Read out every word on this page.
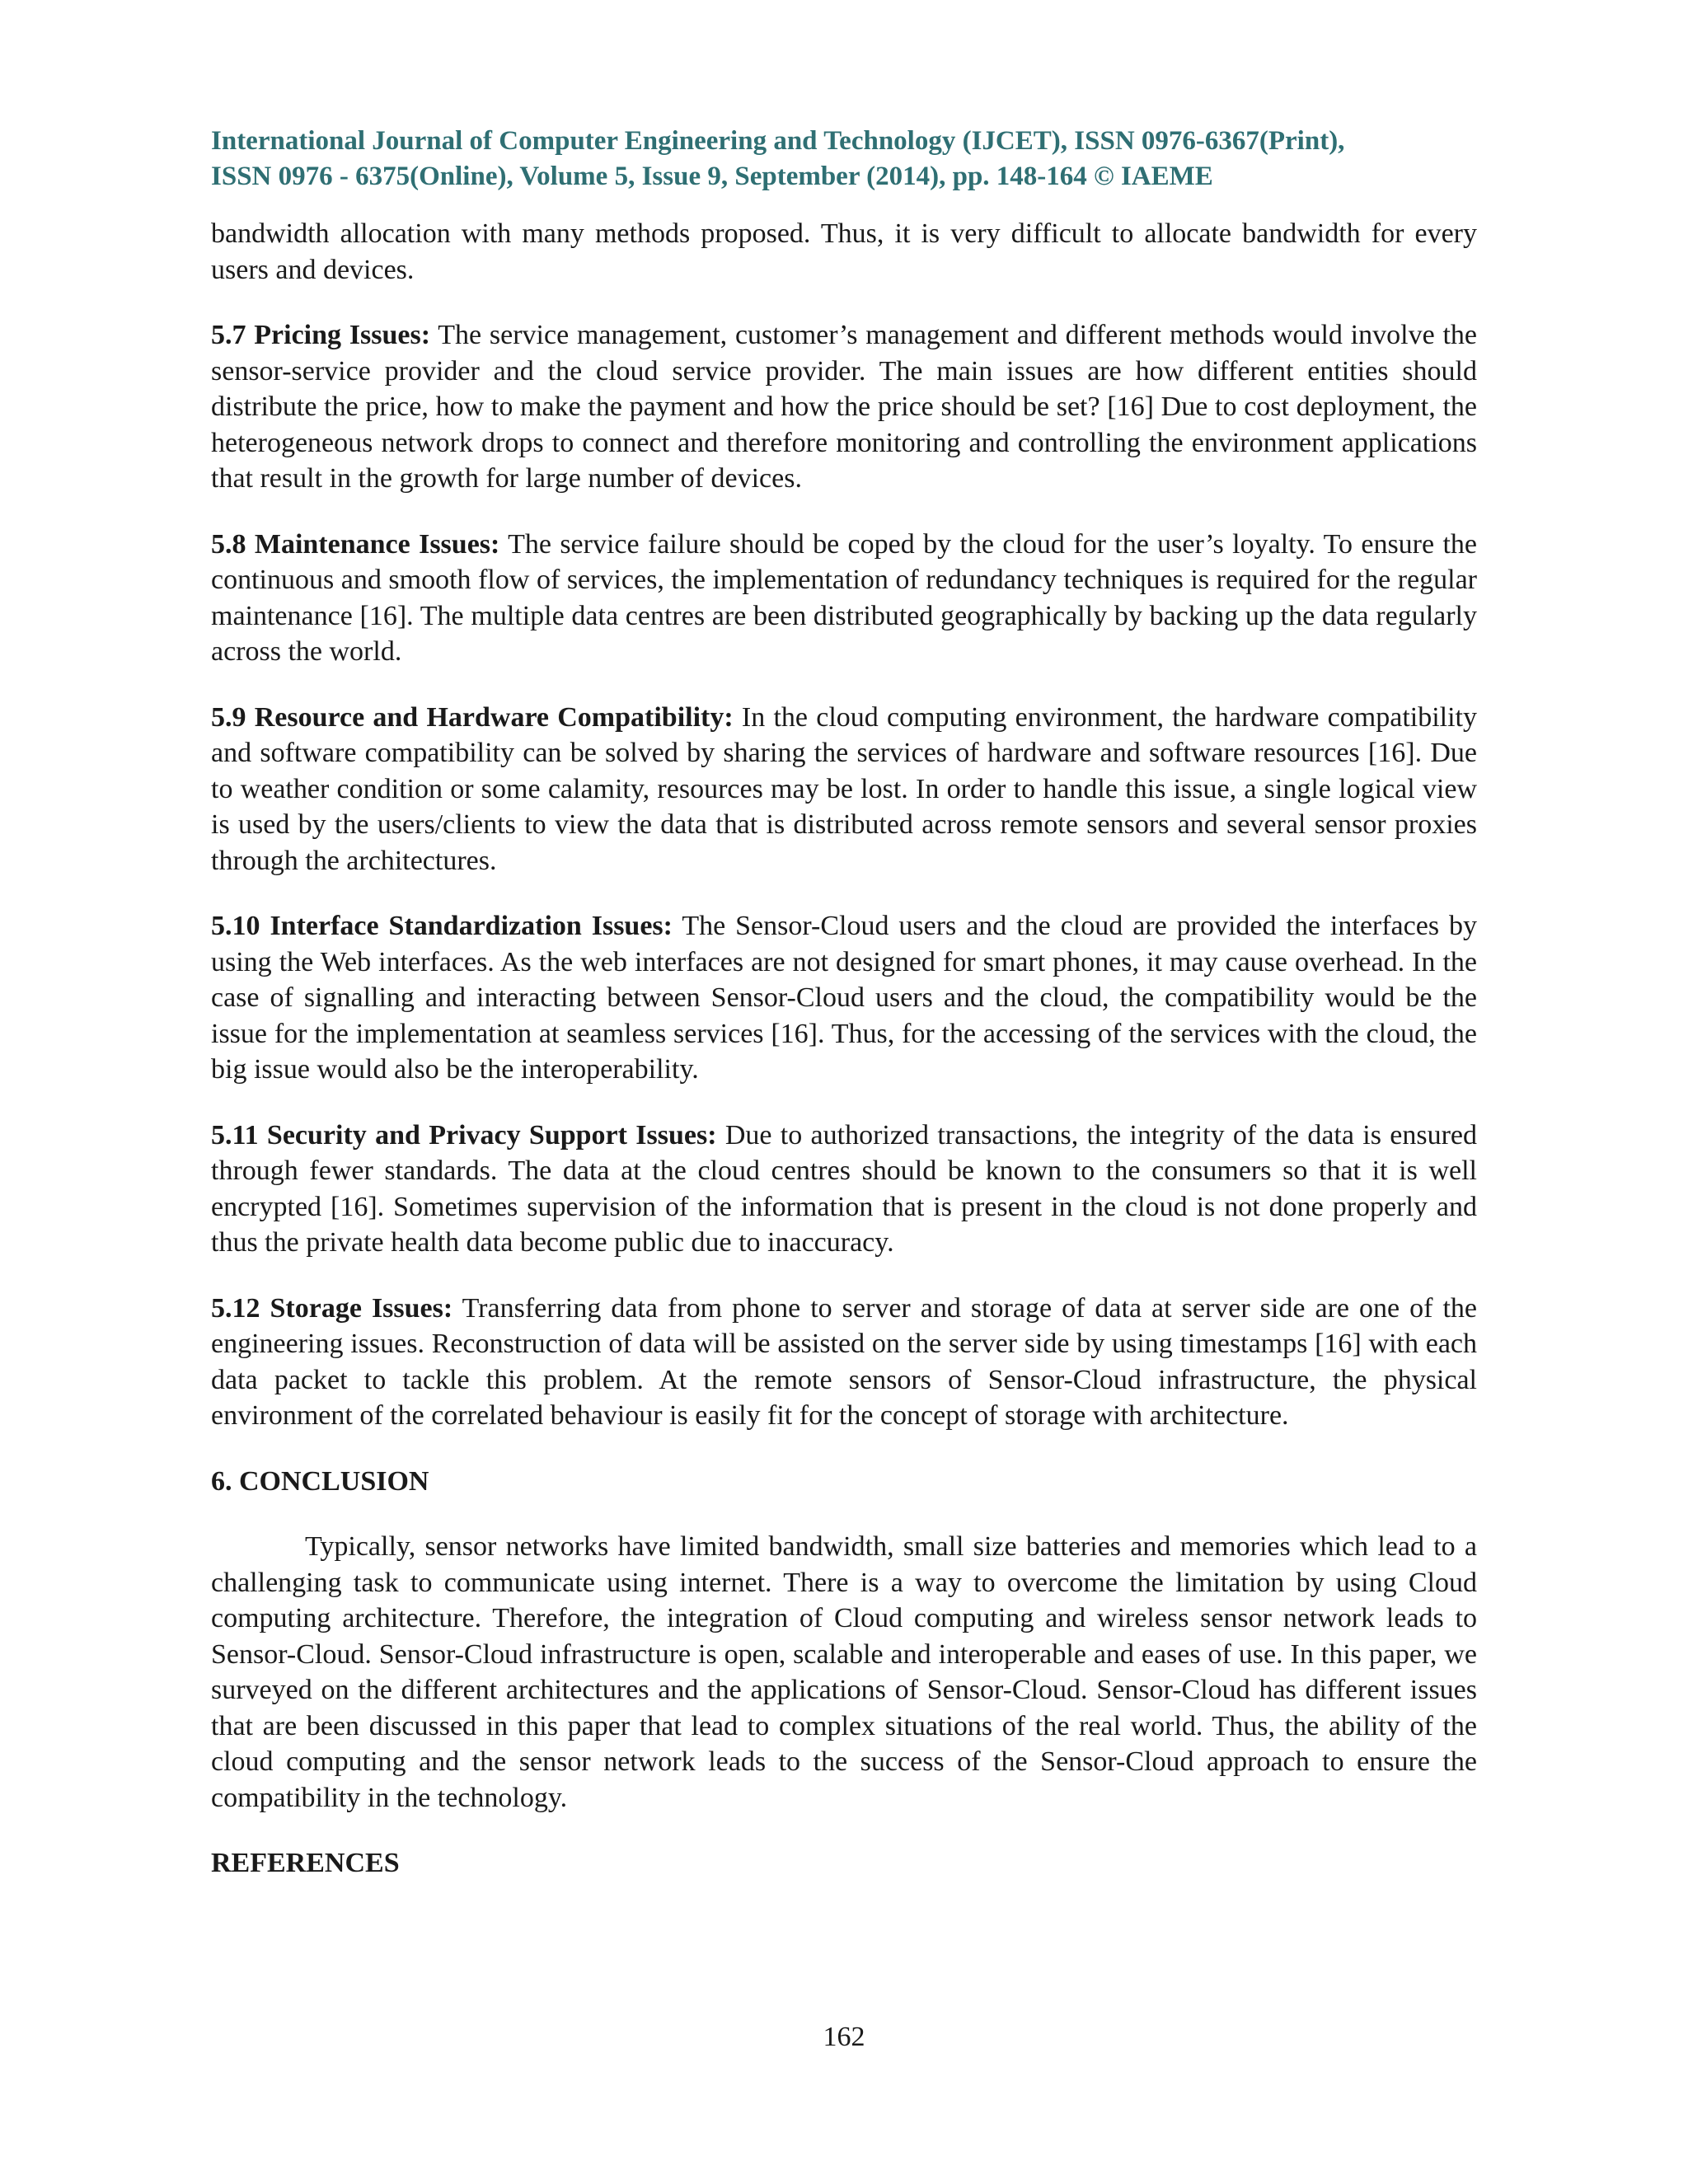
International Journal of Computer Engineering and Technology (IJCET), ISSN 0976-6367(Print),
ISSN 0976 - 6375(Online), Volume 5, Issue 9, September (2014), pp. 148-164 © IAEME

bandwidth allocation with many methods proposed. Thus, it is very difficult to allocate bandwidth for every users and devices.

5.7 Pricing Issues: The service management, customer’s management and different methods would involve the sensor-service provider and the cloud service provider. The main issues are how different entities should distribute the price, how to make the payment and how the price should be set? [16] Due to cost deployment, the heterogeneous network drops to connect and therefore monitoring and controlling the environment applications that result in the growth for large number of devices.

5.8 Maintenance Issues: The service failure should be coped by the cloud for the user’s loyalty. To ensure the continuous and smooth flow of services, the implementation of redundancy techniques is required for the regular maintenance [16]. The multiple data centres are been distributed geographically by backing up the data regularly across the world.

5.9 Resource and Hardware Compatibility: In the cloud computing environment, the hardware compatibility and software compatibility can be solved by sharing the services of hardware and software resources [16]. Due to weather condition or some calamity, resources may be lost. In order to handle this issue, a single logical view is used by the users/clients to view the data that is distributed across remote sensors and several sensor proxies through the architectures.

5.10 Interface Standardization Issues: The Sensor-Cloud users and the cloud are provided the interfaces by using the Web interfaces. As the web interfaces are not designed for smart phones, it may cause overhead. In the case of signalling and interacting between Sensor-Cloud users and the cloud, the compatibility would be the issue for the implementation at seamless services [16]. Thus, for the accessing of the services with the cloud, the big issue would also be the interoperability.

5.11 Security and Privacy Support Issues: Due to authorized transactions, the integrity of the data is ensured through fewer standards. The data at the cloud centres should be known to the consumers so that it is well encrypted [16]. Sometimes supervision of the information that is present in the cloud is not done properly and thus the private health data become public due to inaccuracy.

5.12 Storage Issues: Transferring data from phone to server and storage of data at server side are one of the engineering issues. Reconstruction of data will be assisted on the server side by using timestamps [16] with each data packet to tackle this problem. At the remote sensors of Sensor-Cloud infrastructure, the physical environment of the correlated behaviour is easily fit for the concept of storage with architecture.

6. CONCLUSION

Typically, sensor networks have limited bandwidth, small size batteries and memories which lead to a challenging task to communicate using internet. There is a way to overcome the limitation by using Cloud computing architecture. Therefore, the integration of Cloud computing and wireless sensor network leads to Sensor-Cloud. Sensor-Cloud infrastructure is open, scalable and interoperable and eases of use. In this paper, we surveyed on the different architectures and the applications of Sensor-Cloud. Sensor-Cloud has different issues that are been discussed in this paper that lead to complex situations of the real world. Thus, the ability of the cloud computing and the sensor network leads to the success of the Sensor-Cloud approach to ensure the compatibility in the technology.

REFERENCES
162
